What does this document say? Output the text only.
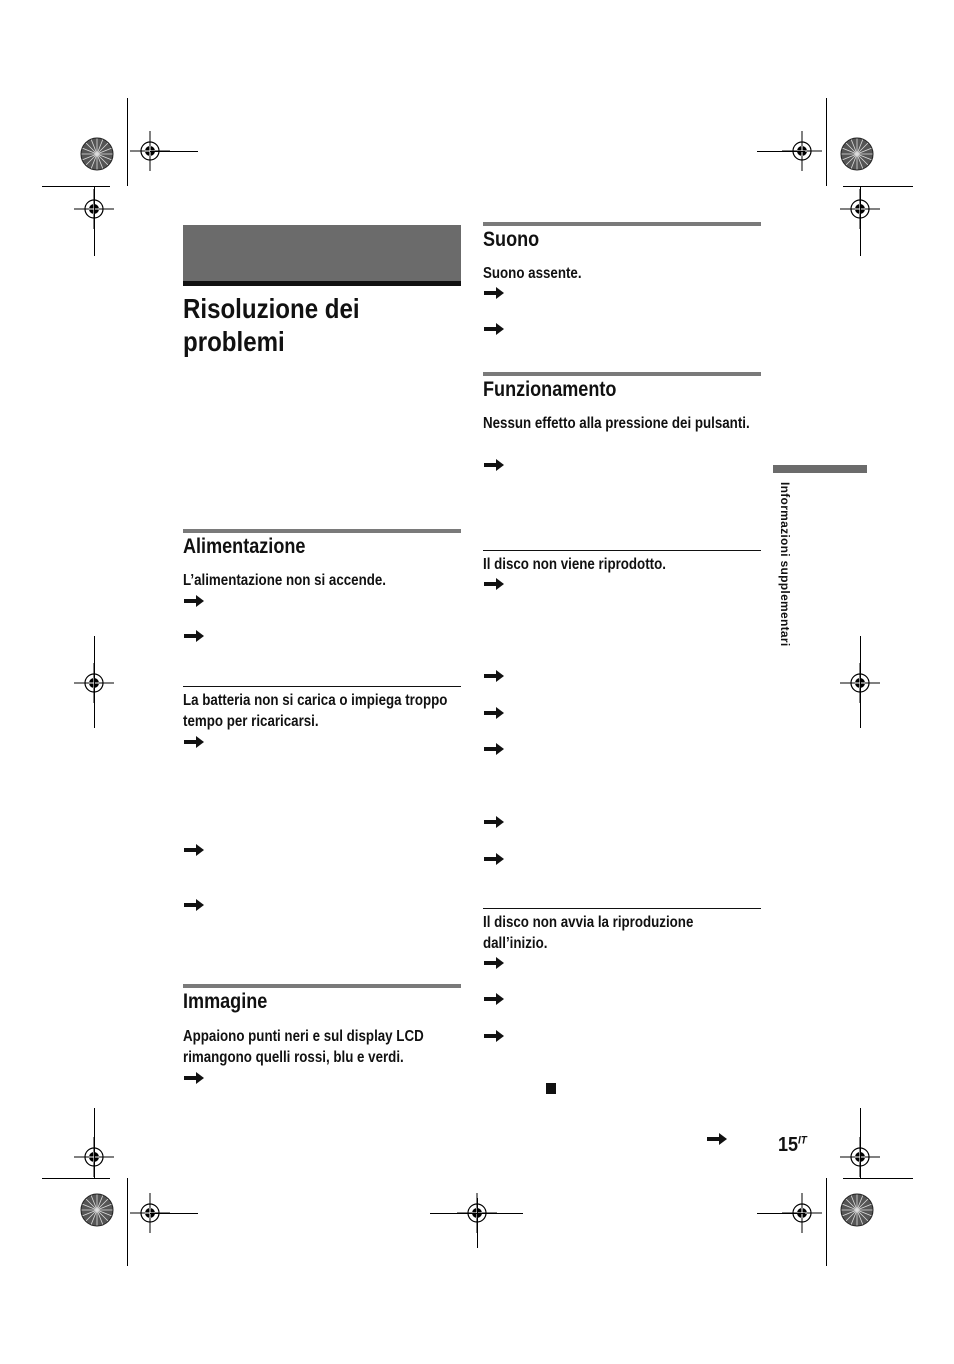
Risoluzione dei problemi
Alimentazione
L’alimentazione non si accende.
La batteria non si carica o impiega troppo tempo per ricaricarsi.
Immagine
Appaiono punti neri e sul display LCD rimangono quelli rossi, blu e verdi.
Suono
Suono assente.
Funzionamento
Nessun effetto alla pressione dei pulsanti.
Il disco non viene riprodotto.
Il disco non avvia la riproduzione dall’inizio.
Informazioni supplementari
$15^{IT}$
